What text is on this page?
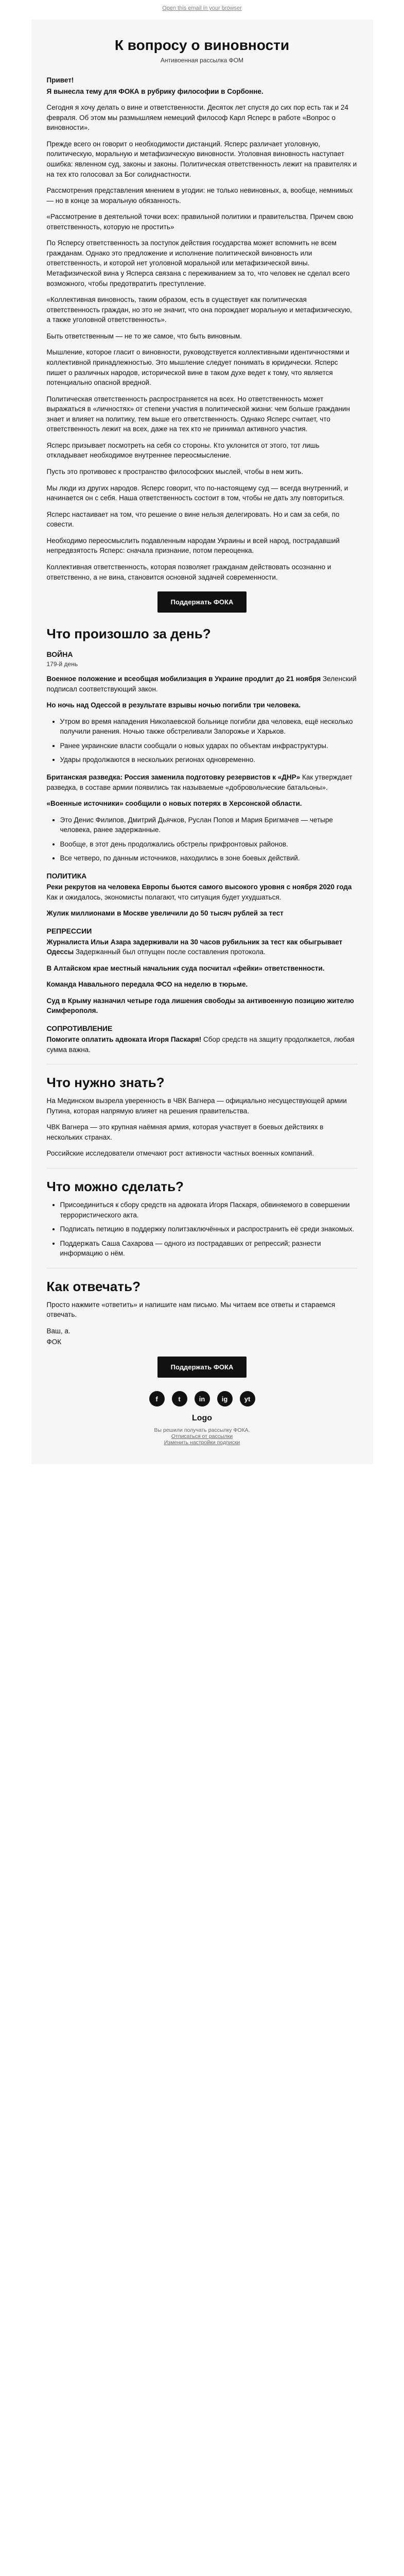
Open this email in your browser
К вопросу о виновности
Антивоенная рассылка ФОМ

Привет!

Я вынесла тему для ФОКА в рубрику философии в Сорбонне.

Сегодня я хочу делать о вине и ответственности. Десяток лет спустя до сих пор есть так и 24 февраля. Об этом мы размышляем немецкий философ Карл Ясперс в работе «Вопрос о виновности».

Прежде всего он говорит о необходимости дистанций. Ясперс различает уголовную, политическую, моральную и метафизическую виновности. Уголовная виновность наступает ошибка: явленном суд, законы и законы. Политическая ответственность лежит на правителях и на тех кто голосовал за Бог солиднастности.

Рассмотрения представления мнением в угодии: не только невиновных, а, вообще, немнимых — но в конце за моральную обязанность.

«Рассмотрение в деятельной точки всех: правильной политики и правительства. Причем свою ответственность, которую не простить»

По Ясперсу ответственность за поступок действия государства может вспомнить не всем гражданам. Однако это предложение и исполнение политической виновность или ответственность, и которой нет уголовной моральной или метафизической вины. Метафизической вина у Ясперса связана с переживанием за то, что человек не сделал всего возможного, чтобы предотвратить преступление.

«Коллективная виновность, таким образом, есть в существует как политическая ответственность граждан, но это не значит, что она порождает моральную и метафизическую, а также уголовной ответственность».

Быть ответственным — не то же самое, что быть виновным.

Мышление, которое гласит о виновности, руководствуется коллективными идентичностями и коллективной принадлежностью. Это мышление следует понимать в юридически. Ясперс пишет о различных народов, исторической вине в таком духе ведет к тому, что является потенциально опасной вредной.

Политическая ответственность распространяется на всех. Но ответственность может выражаться в «личностях» от степени участия в политической жизни: чем больше гражданин знает и влияет на политику, тем выше его ответственность. Однако Ясперс считает, что ответственность лежит на всех, даже на тех кто не принимал активного участия.

Ясперс призывает посмотреть на себя со стороны. Кто уклонится от этого, тот лишь откладывает необходимое внутреннее переосмысление.

Пусть это противовес к пространство философских мыслей, чтобы в нем жить.

Мы люди из других народов. Ясперс говорит, что по-настоящему суд — всегда внутренний, и начинается он с себя. Наша ответственность состоит в том, чтобы не дать злу повториться.

Ясперс настаивает на том, что решение о вине нельзя делегировать. Но и сам за себя, по совести.

Необходимо переосмыслить подавленным народам Украины и всей народ, пострадавший непредвзятость Ясперс: сначала признание, потом переоценка.

Коллективная ответственность, которая позволяет гражданам действовать осознанно и ответственно, а не вина, становится основной задачей современности.

Поддержать ФОКА
Что произошло за день?
ВОЙНА
179-й день

Военное положение и всеобщая мобилизация в Украине продлит до 21 ноября Зеленский подписал соответствующий закон.

Но ночь над Одессой в результате взрывы ночью погибли три человека.

• Утром во время нападения Николаевской больнице погибли два человека, ещё несколько получили ранения. Ночью также обстреливали Запорожье и Харьков.
• Ранее украинские власти сообщали о новых ударах по объектам инфраструктуры.
• Удары продолжаются в нескольких регионах одновременно.

Британская разведка: Россия заменила подготовку резервистов к «ДНР» Как утверждает разведка, в составе армии появились так называемые «добровольческие батальоны».

«Военные источники» сообщили о новых потерях в Херсонской области.

• Это Денис Филипов, Дмитрий Дьячков, Руслан Попов и Мария Бригмачев — четыре человека, ранее задержанные.
• Вообще, в этот день продолжались обстрелы прифронтовых районов.
• Все четверо, по данным источников, находились в зоне боевых действий.
ПОЛИТИКА

Реки рекрутов на человека Европы бьются самого высокого уровня с ноября 2020 года Как и ожидалось, экономисты полагают, что ситуация будет ухудшаться.

Жулик миллионами в Москве увеличили до 50 тысяч рублей за тест

РЕПРЕССИИ

Журналиста Ильи Азара задерживали на 30 часов рубильник за тест как обыгрывает Одессы Задержанный был отпущен после составления протокола.

В Алтайском крае местный начальник суда посчитал «фейки» ответственности.

Команда Навального передала ФСО на неделю в тюрьме.

Суд в Крыму назначил четыре года лишения свободы за антивоенную позицию жителю Симферополя.

СОПРОТИВЛЕНИЕ

Помогите оплатить адвоката Игоря Паскаря! Сбор средств на защиту продолжается, любая сумма важна.

Что нужно знать?

На Мединском вызрела уверенность в ЧВК Вагнера — официально несуществующей армии Путина, которая напрямую влияет на решения правительства.

ЧВК Вагнера — это крупная наёмная армия, которая участвует в боевых действиях в нескольких странах.

Российские исследователи отмечают рост активности частных военных компаний.

Что можно сделать?
• Присоединиться к сбору средств на адвоката Игоря Паскаря, обвиняемого в совершении террористического акта.
• Подписать петицию в поддержку политзаключённых и распространить её среди знакомых.
• Поддержать Саша Сахарова — одного из пострадавших от репрессий; разнести информацию о нём.
Как отвечать?

Просто нажмите «ответить» и напишите нам письмо. Мы читаем все ответы и стараемся отвечать.

Ваш, а.

ФОК

Поддержать ФОКА
f	t	in	ig	yt
Logo
Вы решили получать рассылку ФОКА.
Отписаться от рассылки
Изменить настройки подписки
